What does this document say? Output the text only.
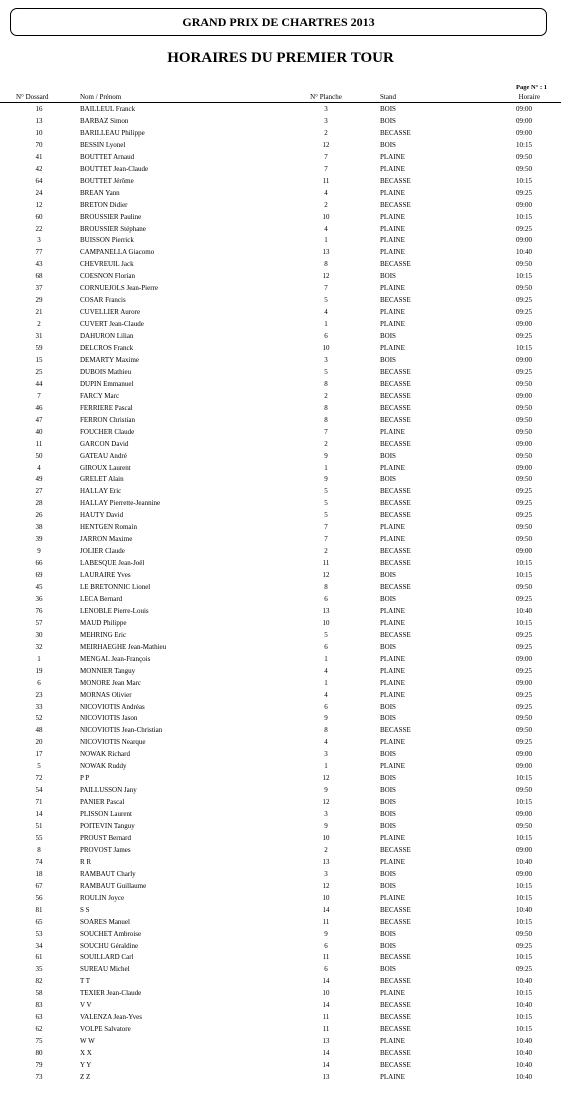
GRAND PRIX DE CHARTRES 2013
HORAIRES DU PREMIER TOUR
Page N° : 1
N° Dossard	Nom / Prénom	N° Planche	Stand	Horaire
16	BAILLEUL Franck	3	BOIS	09:00
13	BARBAZ Simon	3	BOIS	09:00
10	BARILLEAU Philippe	2	BECASSE	09:00
70	BESSIN Lyonel	12	BOIS	10:15
41	BOUTTET Arnaud	7	PLAINE	09:50
42	BOUTTET Jean-Claude	7	PLAINE	09:50
64	BOUTTET Jérôme	11	BECASSE	10:15
24	BREAN Yann	4	PLAINE	09:25
12	BRETON Didier	2	BECASSE	09:00
60	BROUSSIER Pauline	10	PLAINE	10:15
22	BROUSSIER Stéphane	4	PLAINE	09:25
3	BUISSON Pierrick	1	PLAINE	09:00
77	CAMPANELLA Giacomo	13	PLAINE	10:40
43	CHEVREUIL Jack	8	BECASSE	09:50
68	COESNON Florian	12	BOIS	10:15
37	CORNUEJOLS Jean-Pierre	7	PLAINE	09:50
29	COSAR Francis	5	BECASSE	09:25
21	CUVELLIER Aurore	4	PLAINE	09:25
2	CUVERT Jean-Claude	1	PLAINE	09:00
31	DAHURON Lilian	6	BOIS	09:25
59	DELCROS Franck	10	PLAINE	10:15
15	DEMARTY Maxime	3	BOIS	09:00
25	DUBOIS Mathieu	5	BECASSE	09:25
44	DUPIN Emmanuel	8	BECASSE	09:50
7	FARCY Marc	2	BECASSE	09:00
46	FERRIERE Pascal	8	BECASSE	09:50
47	FERRON Christian	8	BECASSE	09:50
40	FOUCHER Claude	7	PLAINE	09:50
11	GARCON David	2	BECASSE	09:00
50	GATEAU André	9	BOIS	09:50
4	GIROUX Laurent	1	PLAINE	09:00
49	GRELET Alain	9	BOIS	09:50
27	HALLAY Eric	5	BECASSE	09:25
28	HALLAY Pierrette-Jeannine	5	BECASSE	09:25
26	HAUTY David	5	BECASSE	09:25
38	HENTGEN Romain	7	PLAINE	09:50
39	JARRON Maxime	7	PLAINE	09:50
9	JOLIER Claude	2	BECASSE	09:00
66	LABESQUE Jean-Joël	11	BECASSE	10:15
69	LAURAIRE Yves	12	BOIS	10:15
45	LE BRETONNIC Lionel	8	BECASSE	09:50
36	LECA Bernard	6	BOIS	09:25
76	LENOBLE Pierre-Louis	13	PLAINE	10:40
57	MAUD Philippe	10	PLAINE	10:15
30	MEHRING Eric	5	BECASSE	09:25
32	MEIRHAEGHE Jean-Mathieu	6	BOIS	09:25
1	MENGAL Jean-François	1	PLAINE	09:00
19	MONNIER Tanguy	4	PLAINE	09:25
6	MONORE Jean Marc	1	PLAINE	09:00
23	MORNAS Olivier	4	PLAINE	09:25
33	NICOVIOTIS Andréas	6	BOIS	09:25
52	NICOVIOTIS Jason	9	BOIS	09:50
48	NICOVIOTIS Jean-Christian	8	BECASSE	09:50
20	NICOVIOTIS Nearque	4	PLAINE	09:25
17	NOWAK Richard	3	BOIS	09:00
5	NOWAK Ruddy	1	PLAINE	09:00
72	P P	12	BOIS	10:15
54	PAILLUSSON Jany	9	BOIS	09:50
71	PANIER Pascal	12	BOIS	10:15
14	PLISSON Laurent	3	BOIS	09:00
51	POITEVIN Tanguy	9	BOIS	09:50
55	PROUST Bernard	10	PLAINE	10:15
8	PROVOST James	2	BECASSE	09:00
74	R R	13	PLAINE	10:40
18	RAMBAUT Charly	3	BOIS	09:00
67	RAMBAUT Guillaume	12	BOIS	10:15
56	ROULIN Joyce	10	PLAINE	10:15
81	S S	14	BECASSE	10:40
65	SOARES Manuel	11	BECASSE	10:15
53	SOUCHET Ambroise	9	BOIS	09:50
34	SOUCHU Géraldine	6	BOIS	09:25
61	SOUILLARD Carl	11	BECASSE	10:15
35	SUREAU Michel	6	BOIS	09:25
82	T T	14	BECASSE	10:40
58	TEXIER Jean-Claude	10	PLAINE	10:15
83	V V	14	BECASSE	10:40
63	VALENZA Jean-Yves	11	BECASSE	10:15
62	VOLPE Salvatore	11	BECASSE	10:15
75	W W	13	PLAINE	10:40
80	X X	14	BECASSE	10:40
79	Y Y	14	BECASSE	10:40
73	Z Z	13	PLAINE	10:40
